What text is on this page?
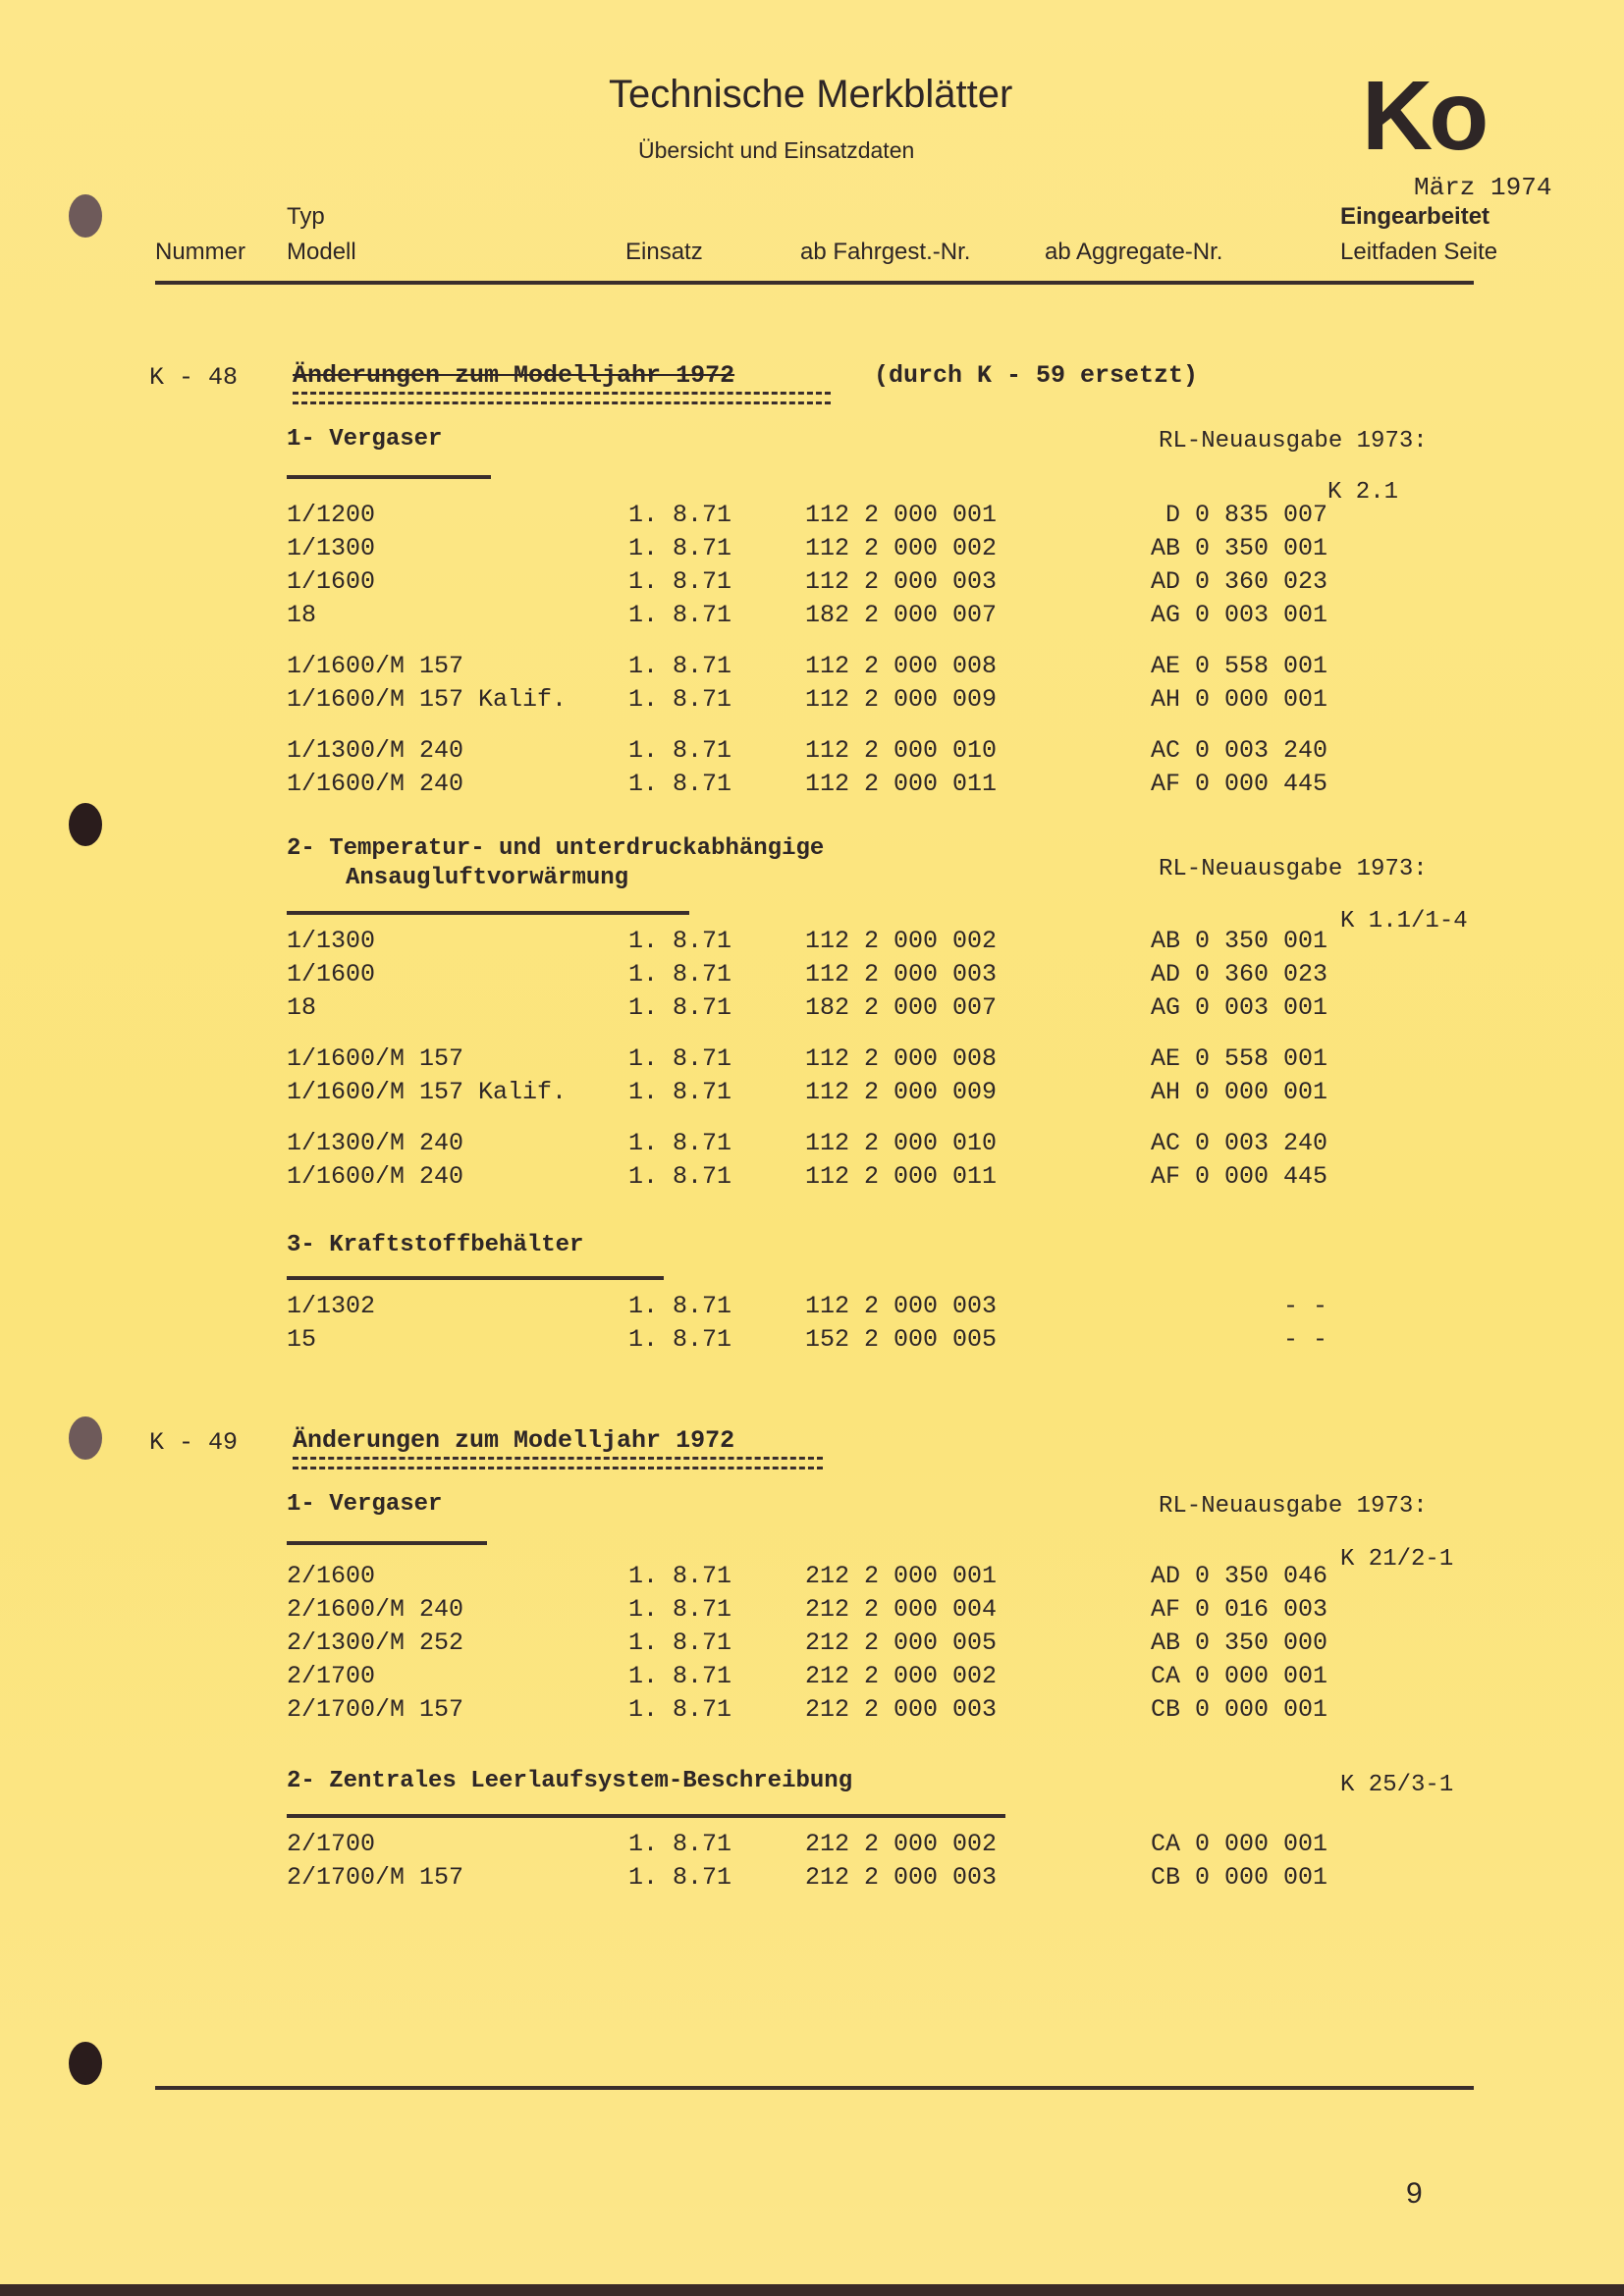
Technische Merkblätter
Übersicht und Einsatzdaten	Ko
März 1974
Typ
Nummer Modell	Einsatz	ab Fahrgest.-Nr.	ab Aggregate-Nr.
Eingearbeitet
Leitfaden Seite
K - 48 Änderungen zum Modelljahr 1972	(durch K - 59 ersetzt)
1- Vergaser	RL-Neuausgabe 1973:
K 2.1
1/1200	1. 8.71	112 2 000 001	D 0 835 007
1/1300	1. 8.71	112 2 000 002	AB 0 350 001
1/1600	1. 8.71	112 2 000 003	AD 0 360 023
18	1. 8.71	182 2 000 007	AG 0 003 001
1/1600/M 157	1. 8.71	112 2 000 008	AE 0 558 001
1/1600/M 157 Kalif.	1. 8.71	112 2 000 009	AH 0 000 001
1/1300/M 240	1. 8.71	112 2 000 010	AC 0 003 240
1/1600/M 240	1. 8.71	112 2 000 011	AF 0 000 445
2- Temperatur- und unterdruckabhängige
Ansaugluftvorwärmung	RL-Neuausgabe 1973:
K 1.1/1-4
1/1300	1. 8.71	112 2 000 002	AB 0 350 001
1/1600	1. 8.71	112 2 000 003	AD 0 360 023
18	1. 8.71	182 2 000 007	AG 0 003 001
1/1600/M 157	1. 8.71	112 2 000 008	AE 0 558 001
1/1600/M 157 Kalif.	1. 8.71	112 2 000 009	AH 0 000 001
1/1300/M 240	1. 8.71	112 2 000 010	AC 0 003 240
1/1600/M 240	1. 8.71	112 2 000 011	AF 0 000 445
3- Kraftstoffbehälter
1/1302	1. 8.71	112 2 000 003	- -
15	1. 8.71	152 2 000 005	- -
K - 49 Änderungen zum Modelljahr 1972
1- Vergaser	RL-Neuausgabe 1973:
K 21/2-1
2/1600	1. 8.71	212 2 000 001	AD 0 350 046
2/1600/M 240	1. 8.71	212 2 000 004	AF 0 016 003
2/1300/M 252	1. 8.71	212 2 000 005	AB 0 350 000
2/1700	1. 8.71	212 2 000 002	CA 0 000 001
2/1700/M 157	1. 8.71	212 2 000 003	CB 0 000 001
2- Zentrales Leerlaufsystem-Beschreibung	K 25/3-1
2/1700	1. 8.71	212 2 000 002	CA 0 000 001
2/1700/M 157	1. 8.71	212 2 000 003	CB 0 000 001
9
